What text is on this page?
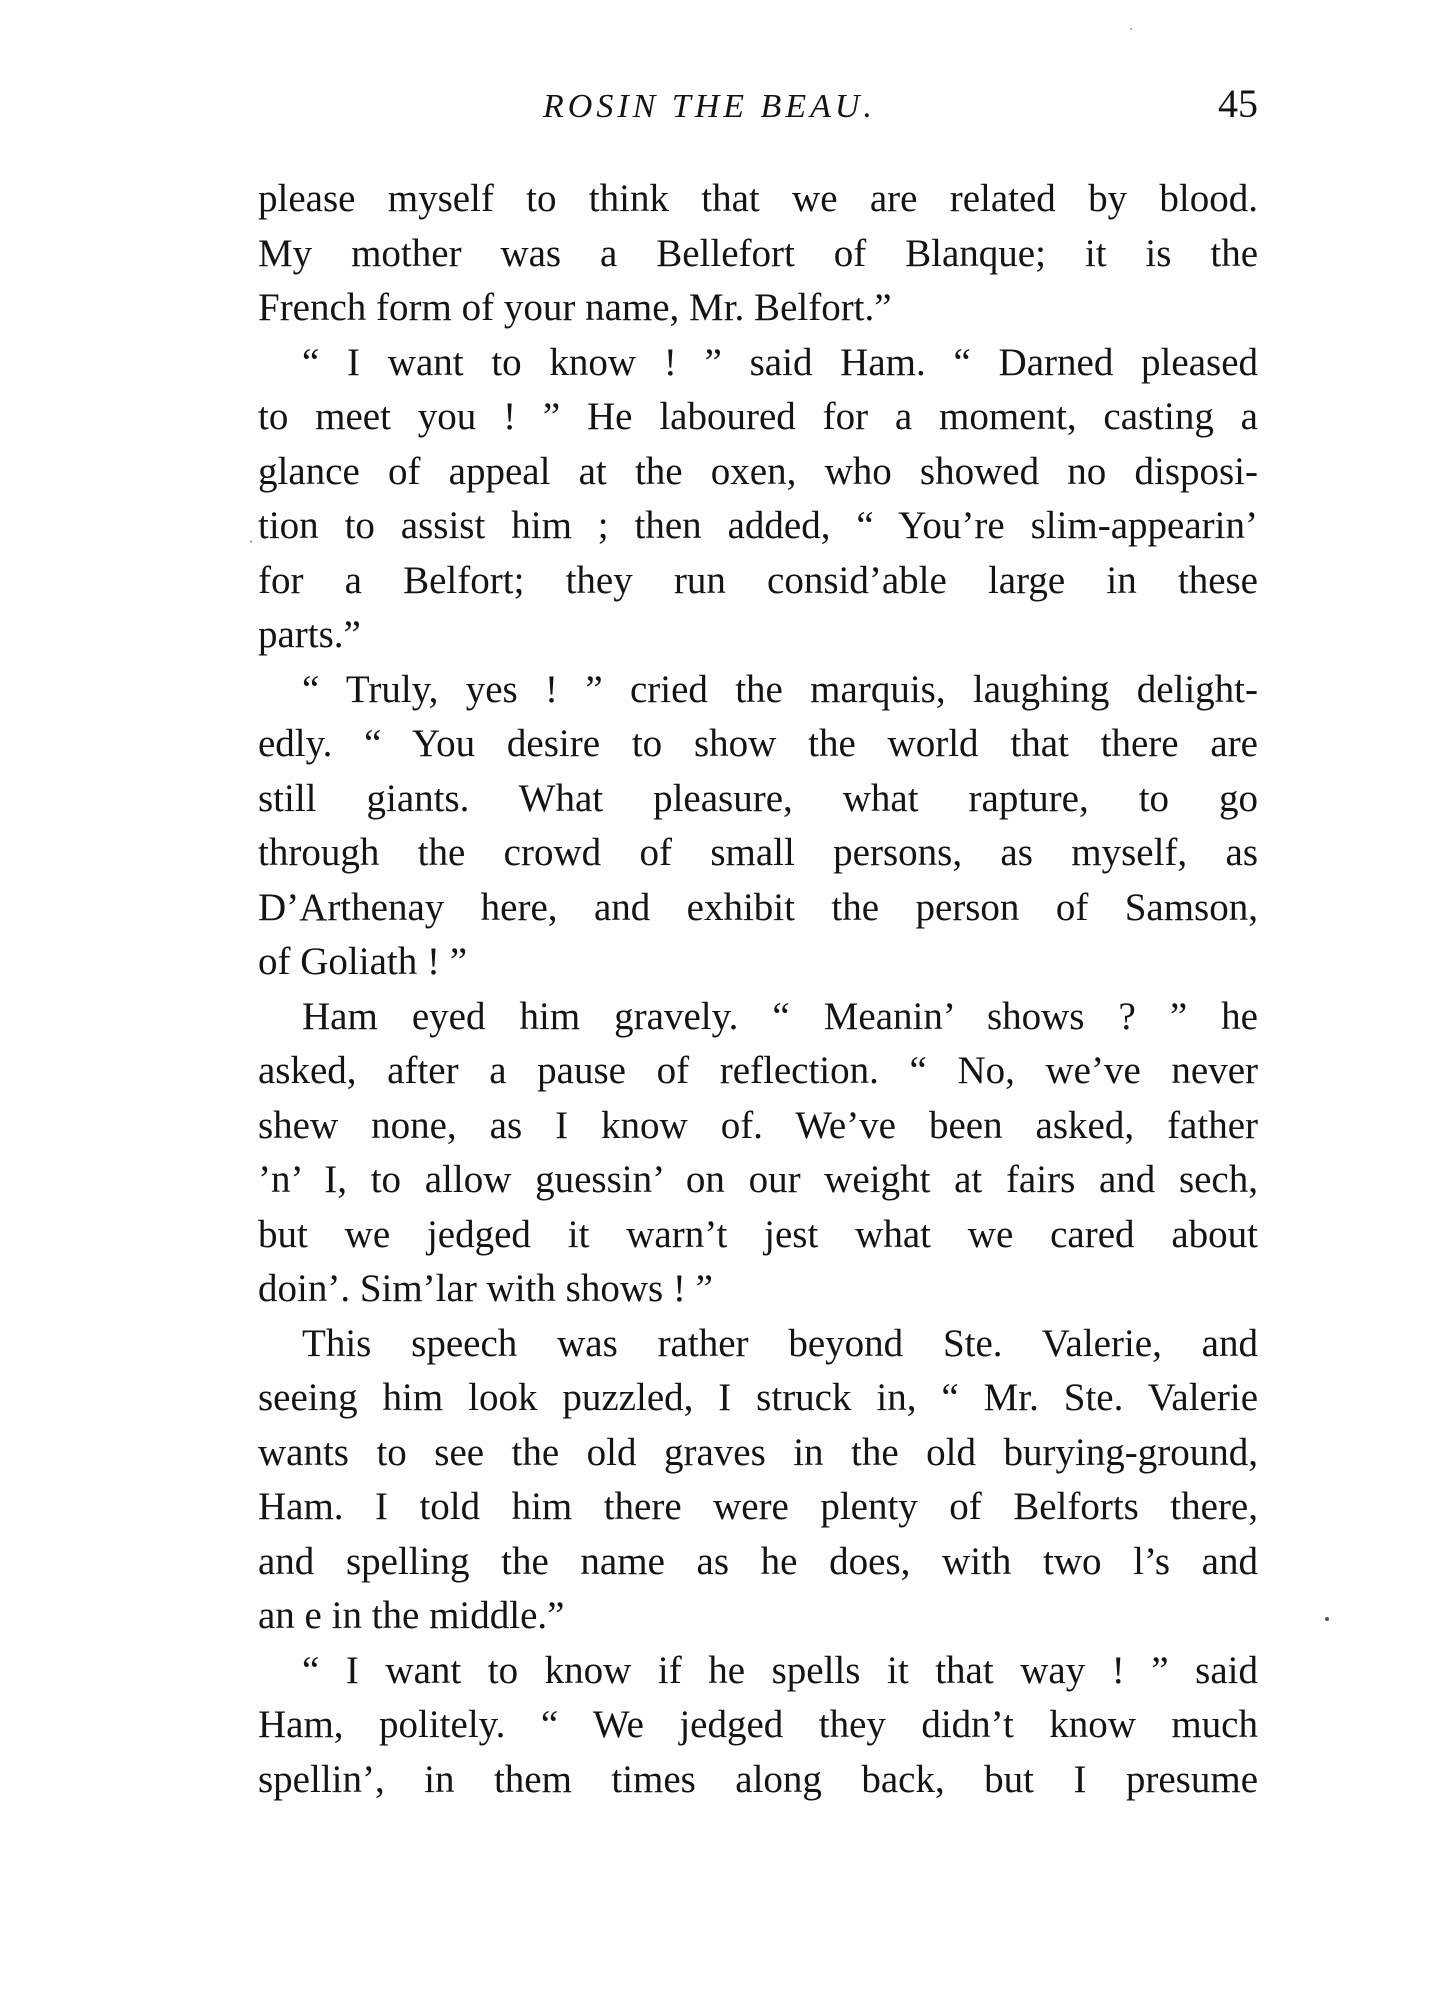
ROSIN THE BEAU.	45
please myself to think that we are related by blood.
My mother was a Bellefort of Blanque; it is the
French form of your name, Mr. Belfort.”
“ I want to know ! ” said Ham. “ Darned pleased
to meet you ! ” He laboured for a moment, casting a
glance of appeal at the oxen, who showed no disposi-
tion to assist him ; then added, “ You’re slim-appearin’
for a Belfort; they run consid’able large in these
parts.”
“ Truly, yes ! ” cried the marquis, laughing delight-
edly. “ You desire to show the world that there are
still giants. What pleasure, what rapture, to go
through the crowd of small persons, as myself, as
D’Arthenay here, and exhibit the person of Samson,
of Goliath ! ”
Ham eyed him gravely. “ Meanin’ shows ? ” he
asked, after a pause of reflection. “ No, we’ve never
shew none, as I know of. We’ve been asked, father
’n’ I, to allow guessin’ on our weight at fairs and sech,
but we jedged it warn’t jest what we cared about
doin’. Sim’lar with shows ! ”
This speech was rather beyond Ste. Valerie, and
seeing him look puzzled, I struck in, “ Mr. Ste. Valerie
wants to see the old graves in the old burying-ground,
Ham. I told him there were plenty of Belforts there,
and spelling the name as he does, with two l’s and
an e in the middle.”
“ I want to know if he spells it that way ! ” said
Ham, politely. “ We jedged they didn’t know much
spellin’, in them times along back, but I presume
